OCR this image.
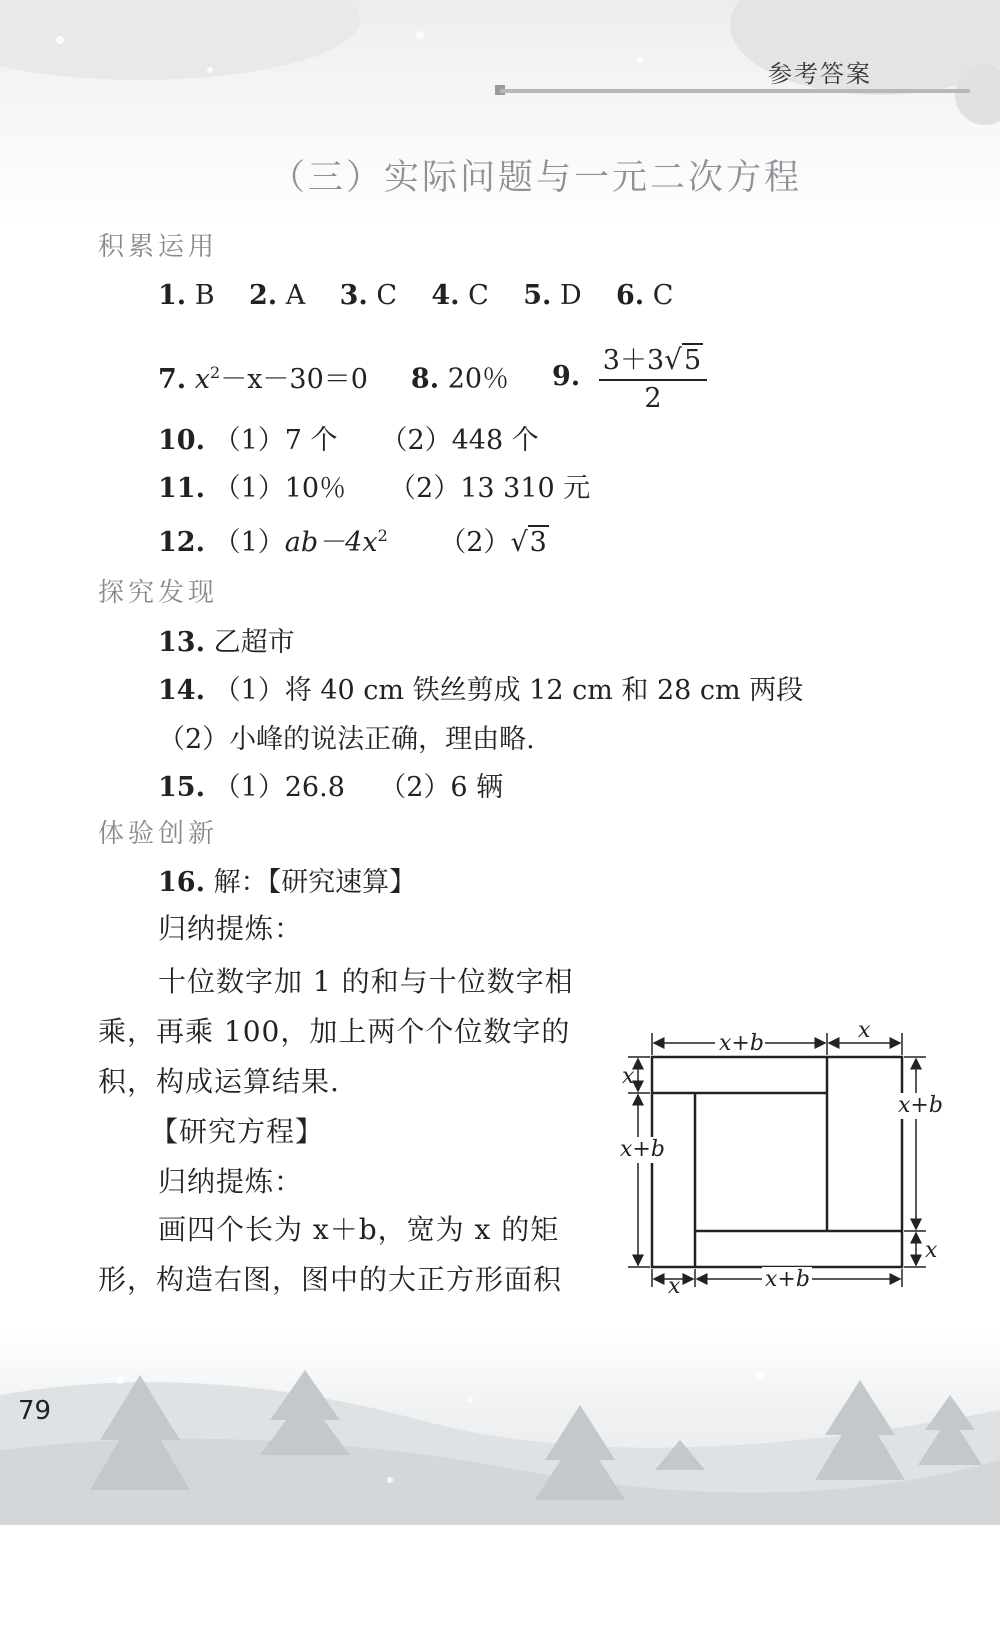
参考答案
（三）实际问题与一元二次方程
积累运用
1. B 2. A 3. C 4. C 5. D 6. C
7. $x^2-x-30=0$ 8. 20％ 9. $\frac{3+3√5}{2}$
10. （1）7 个 （2）448 个
11. （1）10％ （2）13 310 元
12. $(1)ab-4x^2$ （2）√3
探究发现
13. 乙超市
14. （1）将 40 cm 铁丝剪成 12 cm 和 28 cm 两段
（2）小峰的说法正确，理由略.
15. （1）26.8 （2）6 辆
体验创新
16. 解：【研究速算】
归纳提炼：
十位数字加 1 的和与十位数字相
乘，再乘 100，加上两个个位数字的
积，构成运算结果.
【研究方程】
归纳提炼：
画四个长为 x＋b，宽为 x 的矩
形，构造右图，图中的大正方形面积
x+b
x
x
x+b
x+b
x
x	x+b
79
